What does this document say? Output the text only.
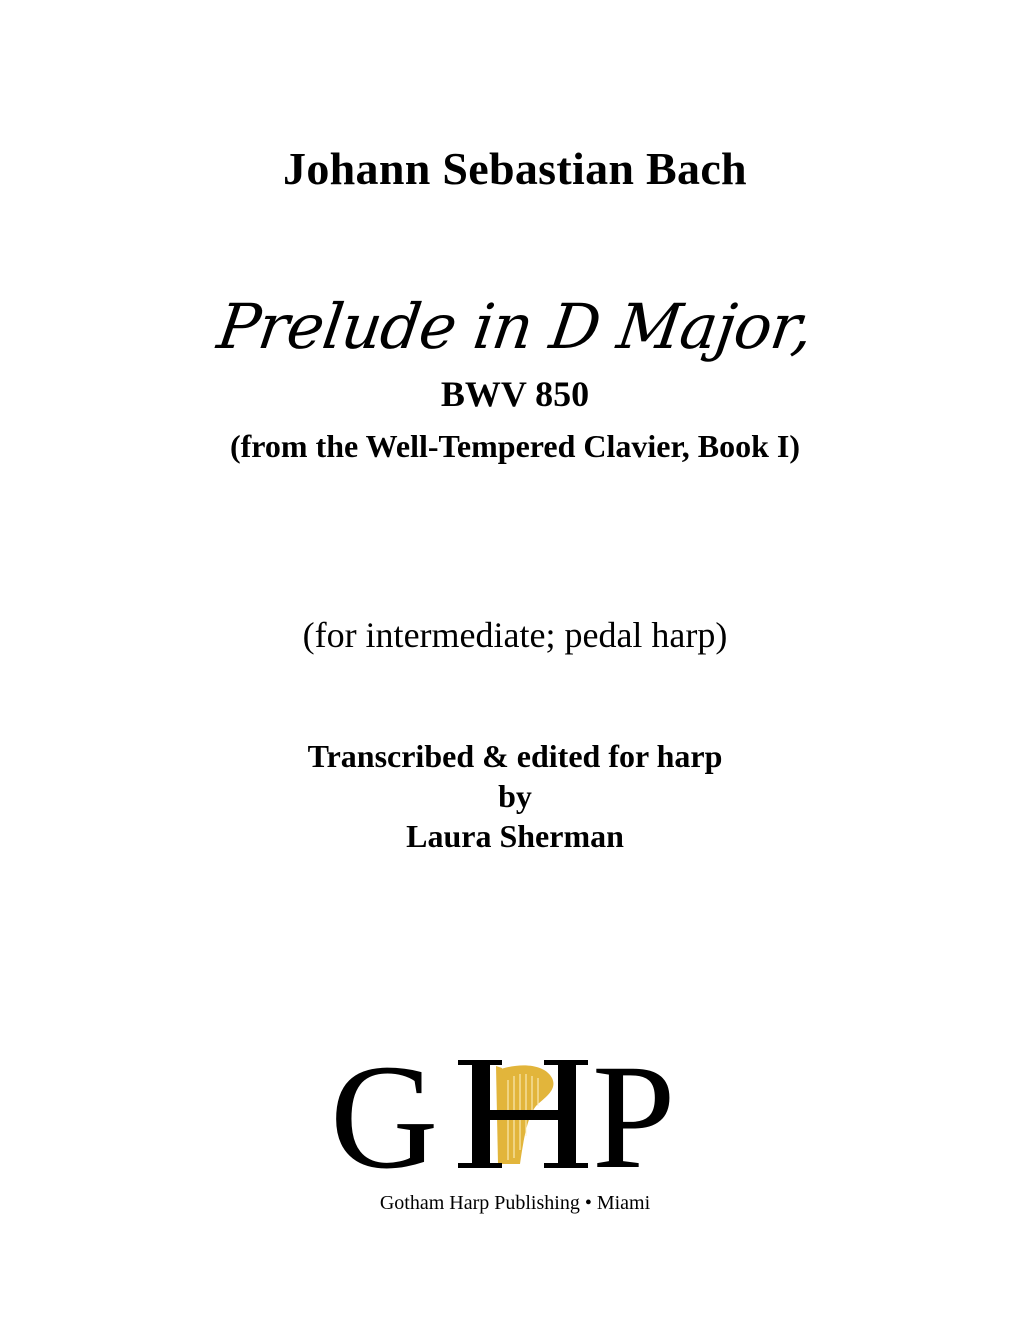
Johann Sebastian Bach
Prelude in D Major,
BWV 850
(from the Well-Tempered Clavier, Book I)
(for intermediate; pedal harp)
Transcribed & edited for harp
by
Laura Sherman
G P
Gotham Harp Publishing • Miami
